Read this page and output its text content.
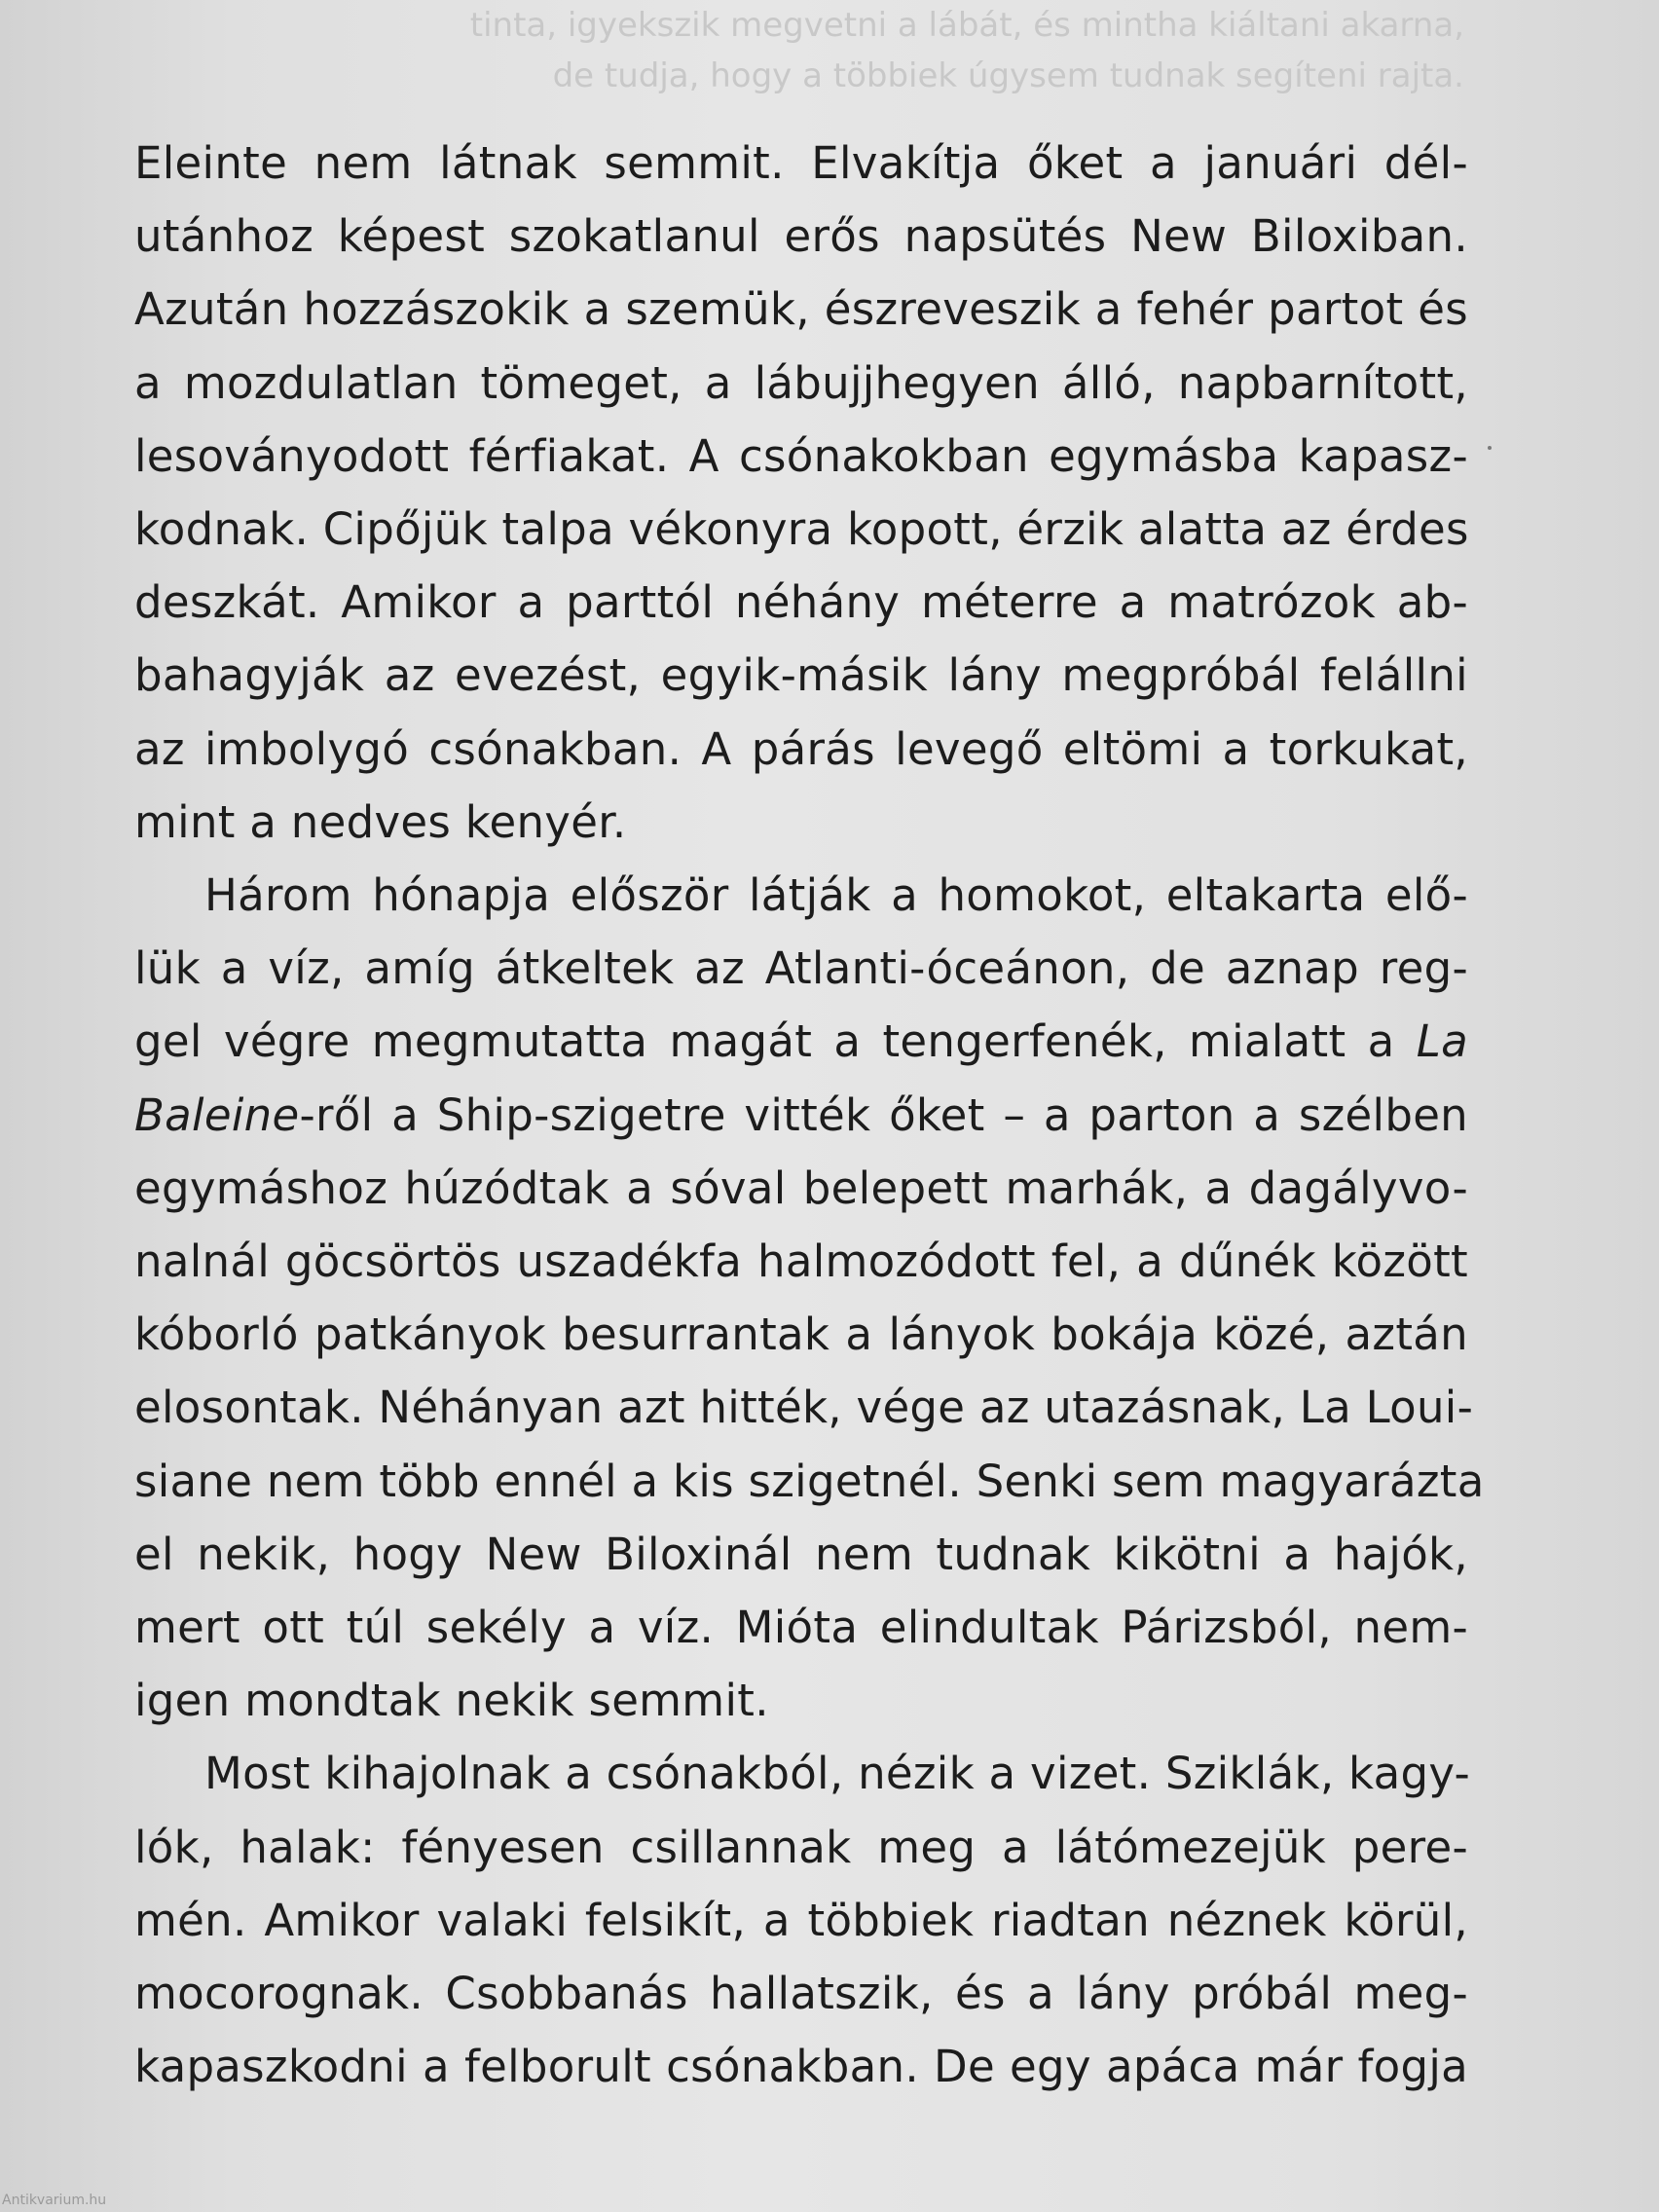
tinta, igyekszik megvetni a lábát, és mintha kiáltani akarna,
de tudja, hogy a többiek úgysem tudnak segíteni rajta.

Eleinte nem látnak semmit. Elvakítja őket a januári dél-
utánhoz képest szokatlanul erős napsütés New Biloxiban.
Azután hozzászokik a szemük, észreveszik a fehér partot és
a mozdulatlan tömeget, a lábujjhegyen álló, napbarnított,
lesoványodott férfiakat. A csónakokban egymásba kapasz-
kodnak. Cipőjük talpa vékonyra kopott, érzik alatta az érdes
deszkát. Amikor a parttól néhány méterre a matrózok ab-
bahagyják az evezést, egyik-másik lány megpróbál felállni
az imbolygó csónakban. A párás levegő eltömi a torkukat,
mint a nedves kenyér.

Három hónapja először látják a homokot, eltakarta elő-
lük a víz, amíg átkeltek az Atlanti-óceánon, de aznap reg-
gel végre megmutatta magát a tengerfenék, mialatt a La
Baleine-ről a Ship-szigetre vitték őket – a parton a szélben
egymáshoz húzódtak a sóval belepett marhák, a dagályvo-
nalnál göcsörtös uszadékfa halmozódott fel, a dűnék között
kóborló patkányok besurrantak a lányok bokája közé, aztán
elosontak. Néhányan azt hitték, vége az utazásnak, La Loui-
siane nem több ennél a kis szigetnél. Senki sem magyarázta
el nekik, hogy New Biloxinál nem tudnak kikötni a hajók,
mert ott túl sekély a víz. Mióta elindultak Párizsból, nem-
igen mondtak nekik semmit.

Most kihajolnak a csónakból, nézik a vizet. Sziklák, kagy-
lók, halak: fényesen csillannak meg a látómezejük pere-
mén. Amikor valaki felsikít, a többiek riadtan néznek körül,
mocorognak. Csobbanás hallatszik, és a lány próbál meg-
kapaszkodni a felborult csónakban. De egy apáca már fogja

Antikvarium.hu
